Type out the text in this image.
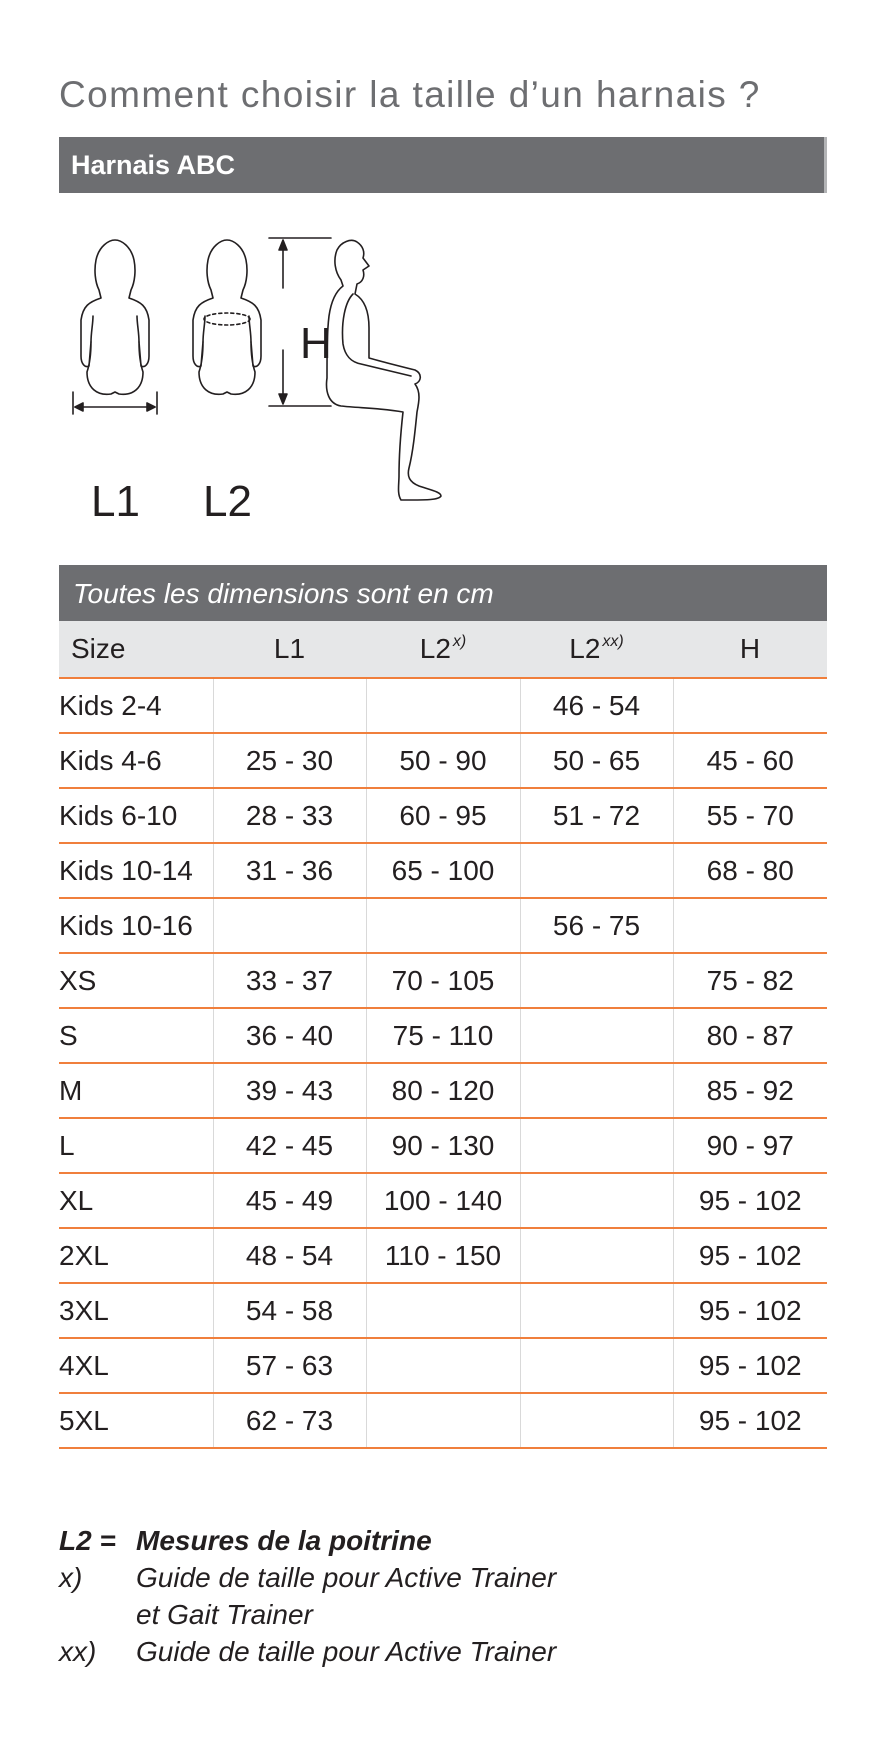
Comment choisir la taille d’un harnais ?
Harnais ABC
L1 L2
H
Toutes les dimensions sont en cm
Size	L1	L2 $^{x)}$	L2 $^{xx)}$	H
Kids 2-4			46 - 54	
Kids 4-6	25 - 30	50 - 90	50 - 65	45 - 60
Kids 6-10	28 - 33	60 - 95	51 - 72	55 - 70
Kids 10-14	31 - 36	65 - 100		68 - 80
Kids 10-16			56 - 75	
XS	33 - 37	70 - 105		75 - 82
S	36 - 40	75 - 110		80 - 87
M	39 - 43	80 - 120		85 - 92
L	42 - 45	90 - 130		90 - 97
XL	45 - 49	100 - 140		95 - 102
2XL	48 - 54	110 - 150		95 - 102
3XL	54 - 58			95 - 102
4XL	57 - 63			95 - 102
5XL	62 - 73			95 - 102
L2 = Mesures de la poitrine
x) Guide de taille pour Active Trainer
et Gait Trainer
xx) Guide de taille pour Active Trainer
